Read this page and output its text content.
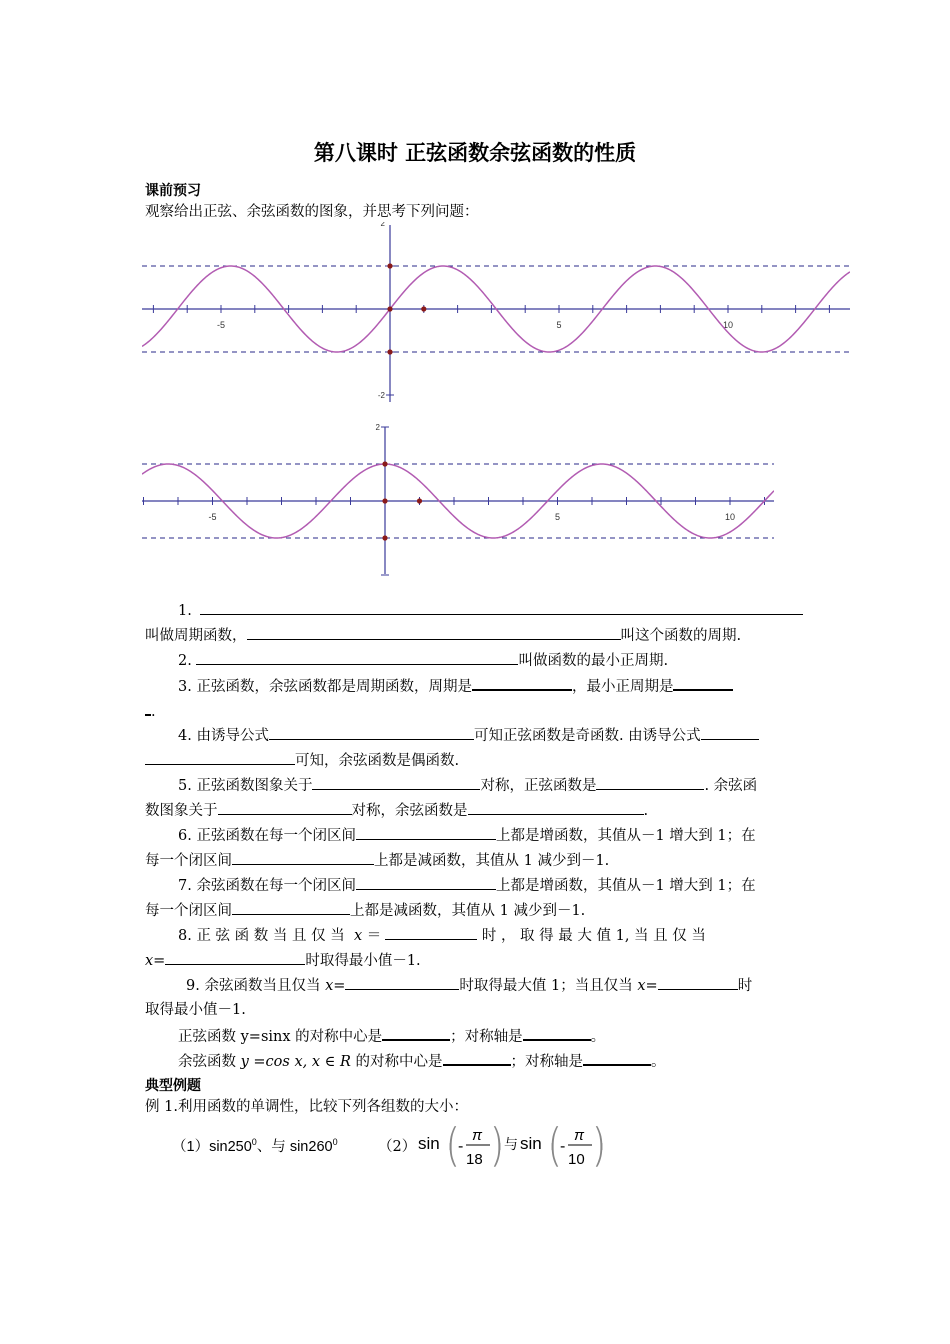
第八课时 正弦函数余弦函数的性质
课前预习
观察给出正弦、余弦函数的图象，并思考下列问题：
-5	5	10
2
-2
-5	5	10
2
1.
叫做周期函数，	叫这个函数的周期.
2.	叫做函数的最小正周期.
3. 正弦函数，余弦函数都是周期函数，周期是	，最小正周期是
.
4. 由诱导公式	可知正弦函数是奇函数. 由诱导公式
可知，余弦函数是偶函数.
5. 正弦函数图象关于	对称，正弦函数是	. 余弦函
数图象关于	对称，余弦函数是	.
6. 正弦函数在每一个闭区间	上都是增函数，其值从－1 增大到 1；在
每一个闭区间	上都是减函数，其值从 1 减少到－1.
7. 余弦函数在每一个闭区间	上都是增函数，其值从－1 增大到 1；在
每一个闭区间	上都是减函数，其值从 1 减少到－1.
8. 正 弦 函 数 当 且 仅 当 x ＝	时 ， 取 得 最 大 值 1, 当 且 仅 当
x=	时取得最小值－1.
9. 余弦函数当且仅当 x=	时取得最大值 1；当且仅当 x=	时
取得最小值－1.
正弦函数 y=sinx 的对称中心是	；对称轴是	。
余弦函数 y =cos x, x ∈ R 的对称中心是	；对称轴是	。
典型例题
例 1.利用函数的单调性，比较下列各组数的大小：
$(1)\sin 250^0$、与 $\sin 260^0$	（2） sin ⎛
⎝ -
π
18
⎞
⎠
与 sin ⎛
⎝ -
π
10
⎞
⎠
